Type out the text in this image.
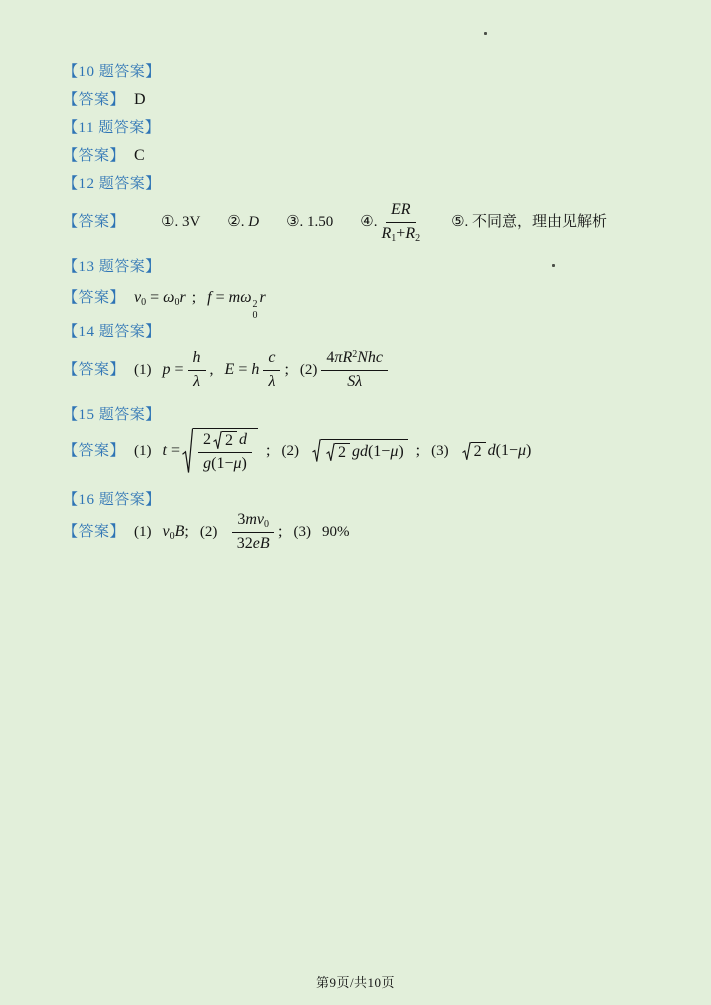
【10 题答案】
【答案】 D
【11 题答案】
【答案】 C
【12 题答案】
【答案】 ①. 3V ②. D ③. 1.50 ④. $\frac{ER}{R_1+R_2}$ ⑤. 不同意，理由见解析
【13 题答案】
【答案】 $v_0 = \omega_0r$ ; f = mω 2
0
r
【14 题答案】
【答案】 (1) $p = \frac{h}{\lambda}$ , E = h $\frac{c}{\lambda}$ ; $(2) \frac{4\pi R^2Nhc}{S\lambda}$
【15 题答案】
【答案】 (1) $t = \frac{2 2 d}{g(1-\mu)}$ ; (2) 2 gd (1− μ ) ; (3) 2 d(1−μ)
【16 题答案】
【答案】 (1) $v_0B$; $(2) \frac{3mv_0}{32eB}$ ; (3) 90%
第9页/共10页
